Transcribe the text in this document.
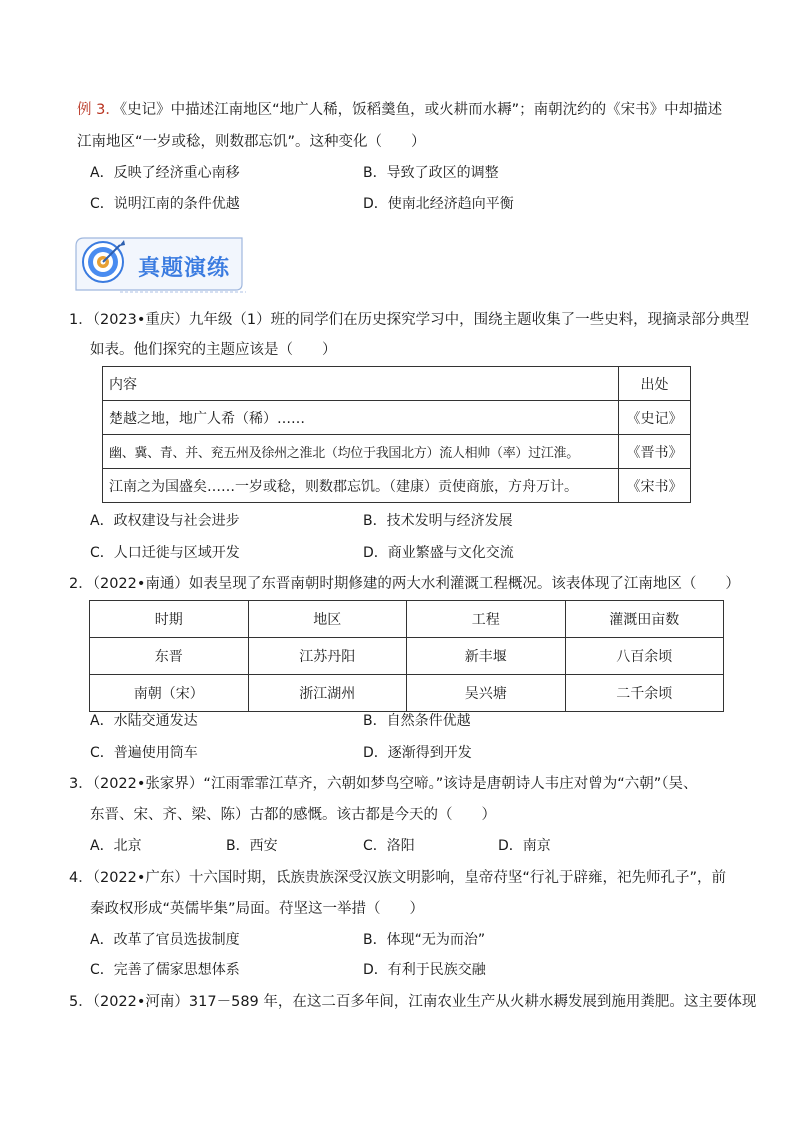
例 3．《史记》中描述江南地区“地广人稀，饭稻羹鱼，或火耕而水耨”；南朝沈约的《宋书》中却描述
江南地区“一岁或稔，则数郡忘饥”。这种变化（　　）
A．反映了经济重心南移	B．导致了政区的调整
C．说明江南的条件优越	D．使南北经济趋向平衡
真题演练
1．（2023•重庆）九年级（1）班的同学们在历史探究学习中，围绕主题收集了一些史料，现摘录部分典型
如表。他们探究的主题应该是（　　）
内容	出处
楚越之地，地广人希（稀）……	《史记》
幽、冀、青、并、兖五州及徐州之淮北（均位于我国北方）流人相帅（率）过江淮。	《晋书》
江南之为国盛矣……一岁或稔，则数郡忘饥。（建康）贡使商旅，方舟万计。	《宋书》
A．政权建设与社会进步	B．技术发明与经济发展
C．人口迁徙与区域开发	D．商业繁盛与文化交流
2．（2022•南通）如表呈现了东晋南朝时期修建的两大水利灌溉工程概况。该表体现了江南地区（　　）
时期	地区	工程	灌溉田亩数
东晋	江苏丹阳	新丰堰	八百余顷
南朝（宋）	浙江湖州	吴兴塘	二千余顷
A．水陆交通发达	B．自然条件优越
C．普遍使用筒车	D．逐渐得到开发
3．（2022•张家界）“江雨霏霏江草齐，六朝如梦鸟空啼。”该诗是唐朝诗人韦庄对曾为“六朝”（吴、
东晋、宋、齐、梁、陈）古都的感慨。该古都是今天的（　　）
A．北京	B．西安	C．洛阳	D．南京
4．（2022•广东）十六国时期，氐族贵族深受汉族文明影响，皇帝苻坚“行礼于辟雍，祀先师孔子”，前
秦政权形成“英儒毕集”局面。苻坚这一举措（　　）
A．改革了官员选拔制度	B．体现“无为而治”
C．完善了儒家思想体系	D．有利于民族交融
5．（2022•河南）317－589 年，在这二百多年间，江南农业生产从火耕水耨发展到施用粪肥。这主要体现
